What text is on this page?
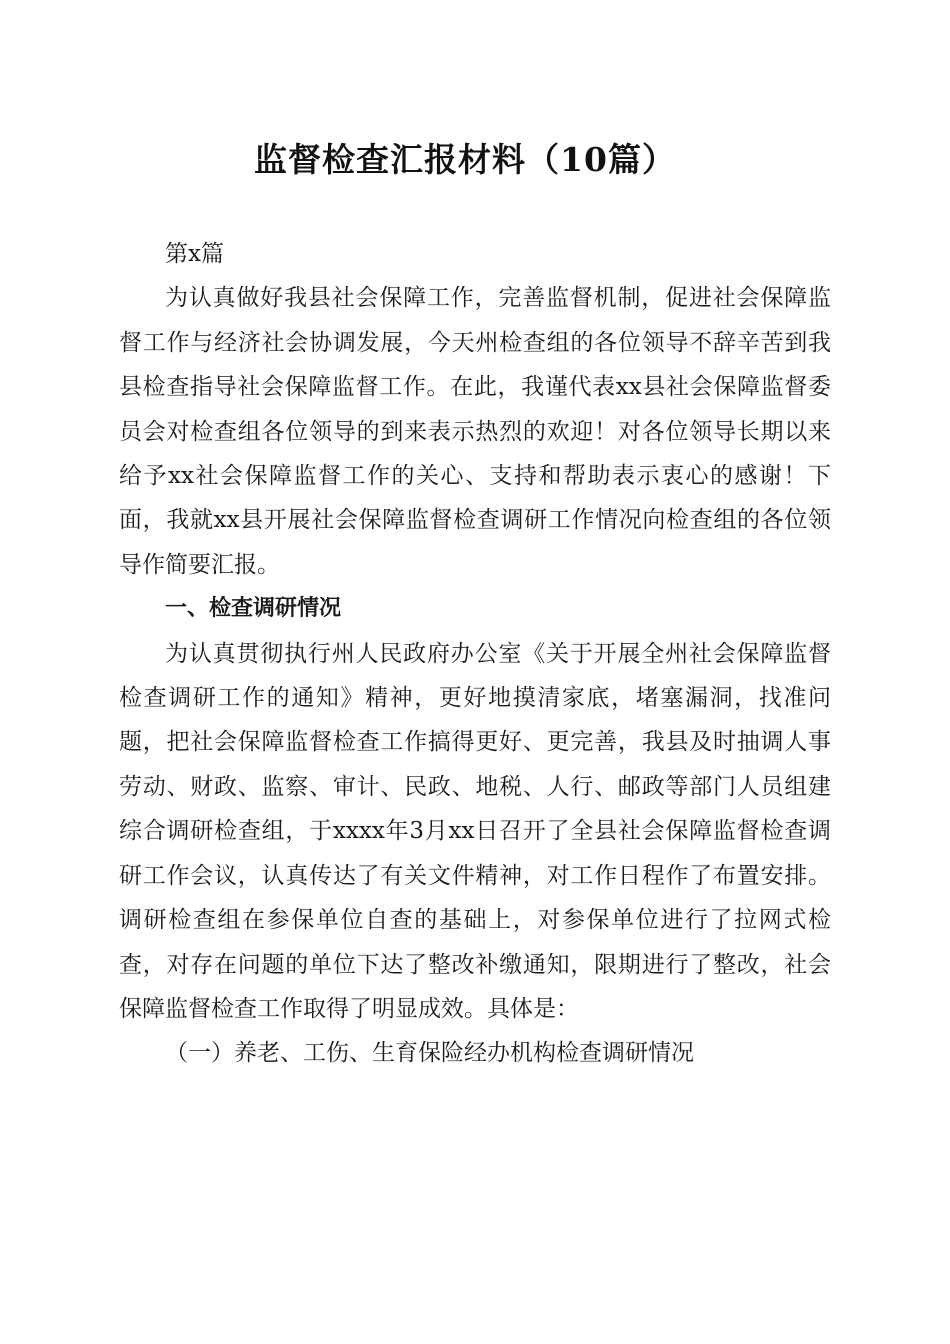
监督检查汇报材料（10篇）

第x篇

为认真做好我县社会保障工作，完善监督机制，促进社会保障监督工作与经济社会协调发展，今天州检查组的各位领导不辞辛苦到我县检查指导社会保障监督工作。在此，我谨代表xx县社会保障监督委员会对检查组各位领导的到来表示热烈的欢迎！对各位领导长期以来给予xx社会保障监督工作的关心、支持和帮助表示衷心的感谢！下面，我就xx县开展社会保障监督检查调研工作情况向检查组的各位领导作简要汇报。

一、检查调研情况

为认真贯彻执行州人民政府办公室《关于开展全州社会保障监督检查调研工作的通知》精神，更好地摸清家底，堵塞漏洞，找准问题，把社会保障监督检查工作搞得更好、更完善，我县及时抽调人事劳动、财政、监察、审计、民政、地税、人行、邮政等部门人员组建综合调研检查组，于xxxx年3月xx日召开了全县社会保障监督检查调研工作会议，认真传达了有关文件精神，对工作日程作了布置安排。调研检查组在参保单位自查的基础上，对参保单位进行了拉网式检查，对存在问题的单位下达了整改补缴通知，限期进行了整改，社会保障监督检查工作取得了明显成效。具体是：

（一）养老、工伤、生育保险经办机构检查调研情况
